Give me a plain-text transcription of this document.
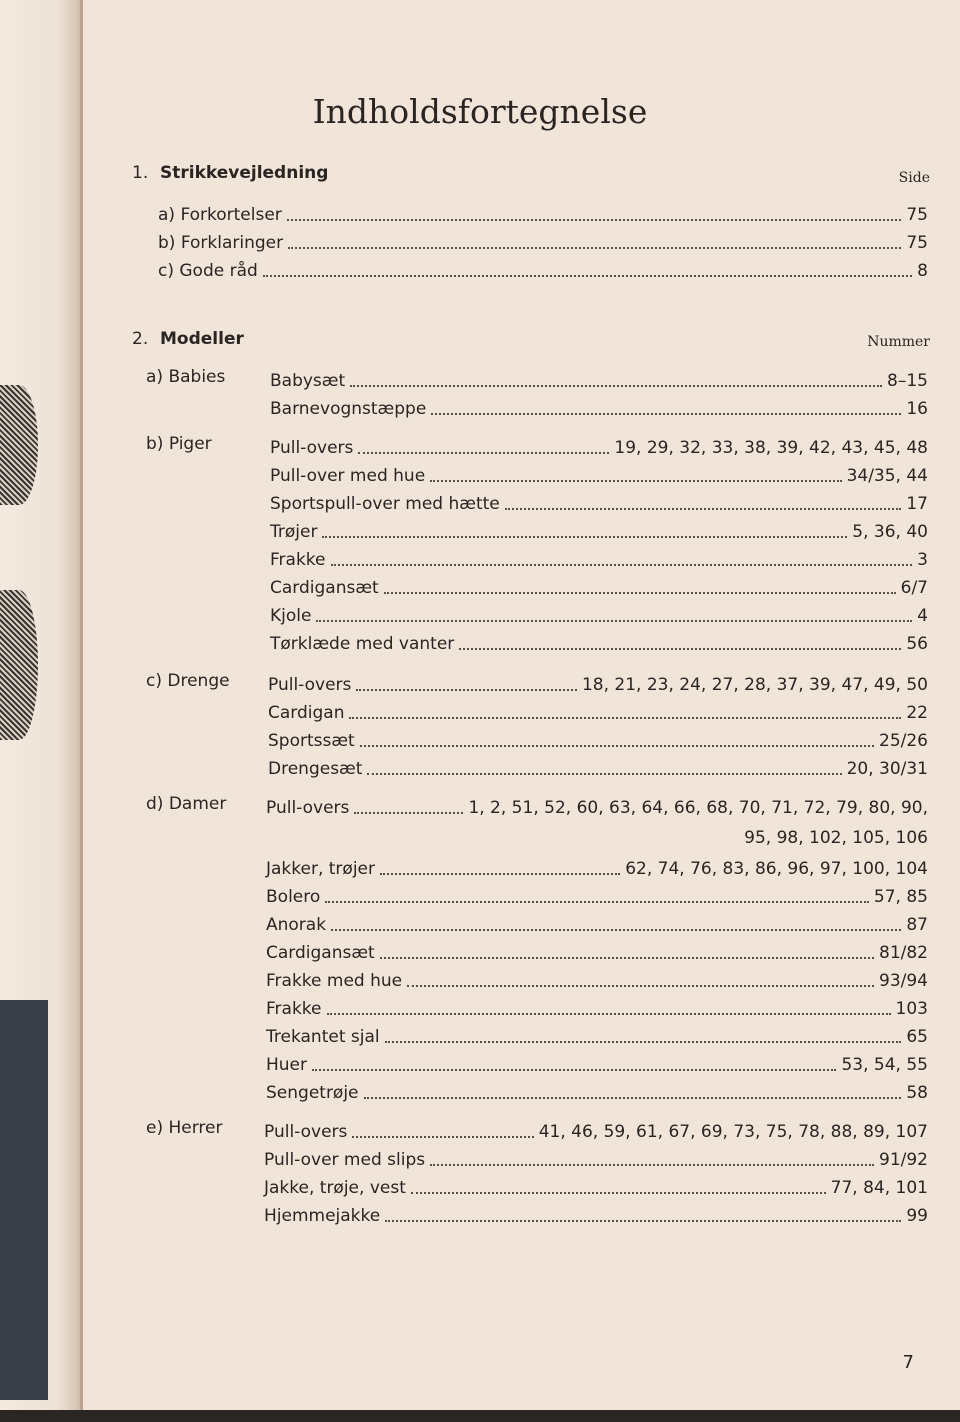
Indholdsfortegnelse
1. Strikkevejledning	Side
a) Forkortelser	75
b) Forklaringer	75
c) Gode råd	8
2. Modeller	Nummer
a) Babies	Babysæt	8–15
Barnevognstæppe	16
b) Piger	Pull-overs	19, 29, 32, 33, 38, 39, 42, 43, 45, 48
Pull-over med hue	34/35, 44
Sportspull-over med hætte	17
Trøjer	5, 36, 40
Frakke	3
Cardigansæt	6/7
Kjole	4
Tørklæde med vanter	56
c) Drenge Pull-overs	18, 21, 23, 24, 27, 28, 37, 39, 47, 49, 50
Cardigan	22
Sportssæt	25/26
Drengesæt	20, 30/31
d) Damer Pull-overs	1, 2, 51, 52, 60, 63, 64, 66, 68, 70, 71, 72, 79, 80, 90,
95, 98, 102, 105, 106
Jakker, trøjer	62, 74, 76, 83, 86, 96, 97, 100, 104
Bolero	57, 85
Anorak	87
Cardigansæt	81/82
Frakke med hue	93/94
Frakke	103
Trekantet sjal	65
Huer	53, 54, 55
Sengetrøje	58
e) Herrer Pull-overs	41, 46, 59, 61, 67, 69, 73, 75, 78, 88, 89, 107
Pull-over med slips	91/92
Jakke, trøje, vest	77, 84, 101
Hjemmejakke	99
7
